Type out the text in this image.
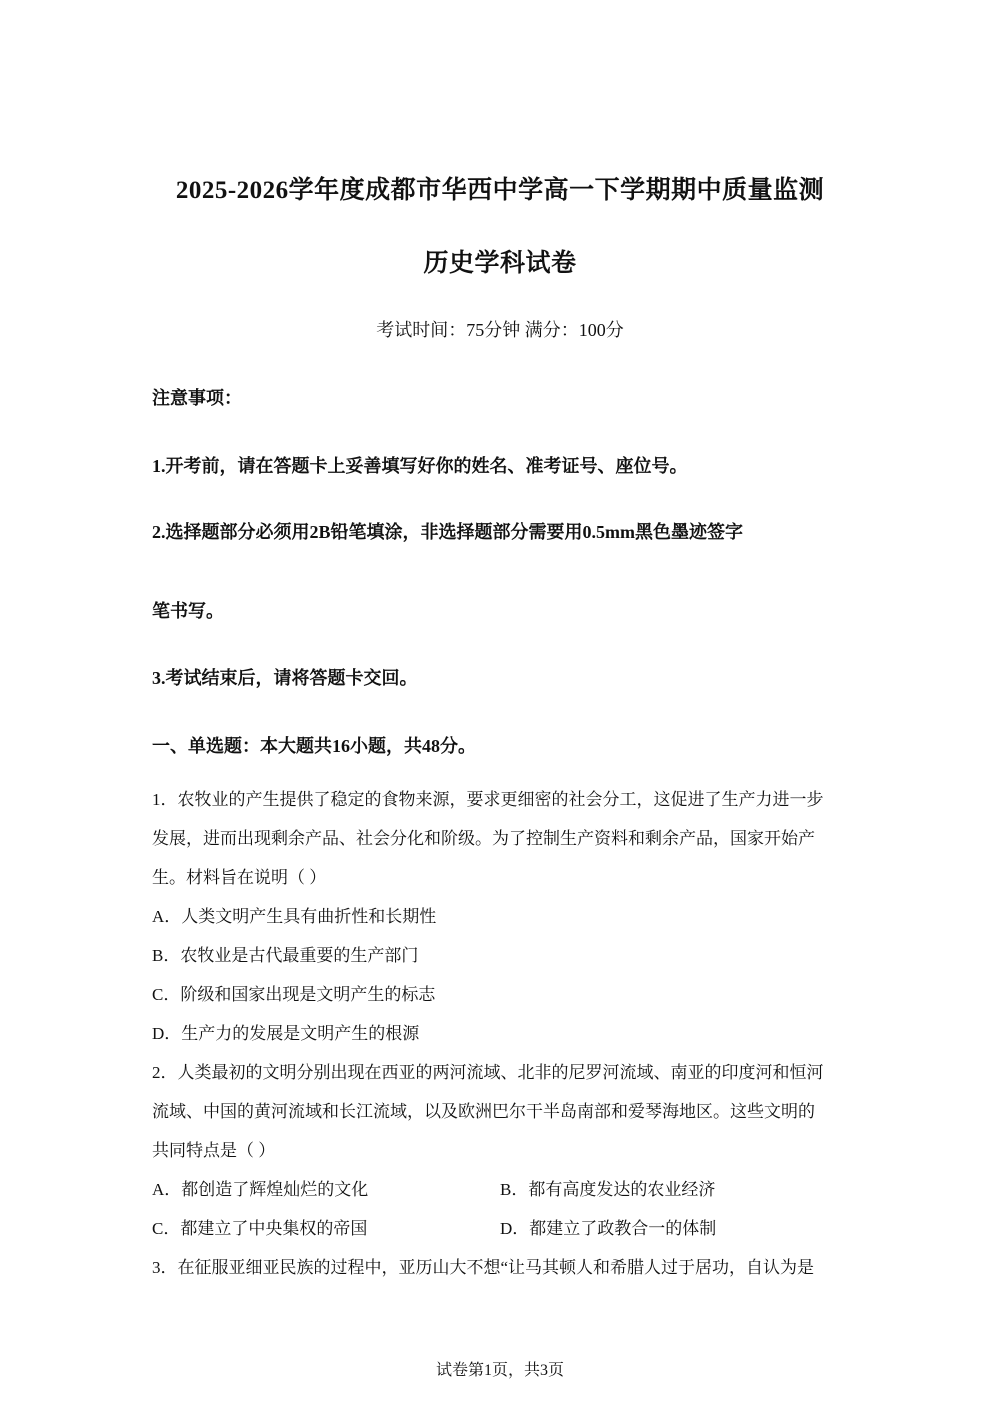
2025-2026学年度成都市华西中学高一下学期期中质量监测
历史学科试卷
考试时间：75分钟 满分：100分
注意事项：
1.开考前，请在答题卡上妥善填写好你的姓名、准考证号、座位号。
2.选择题部分必须用2B铅笔填涂，非选择题部分需要用0.5mm黑色墨迹签字
笔书写。
3.考试结束后，请将答题卡交回。
一、单选题：本大题共16小题，共48分。
1．农牧业的产生提供了稳定的食物来源，要求更细密的社会分工，这促进了生产力进一步
发展，进而出现剩余产品、社会分化和阶级。为了控制生产资料和剩余产品，国家开始产
生。材料旨在说明（ ）
A．人类文明产生具有曲折性和长期性
B．农牧业是古代最重要的生产部门
C．阶级和国家出现是文明产生的标志
D．生产力的发展是文明产生的根源
2．人类最初的文明分别出现在西亚的两河流域、北非的尼罗河流域、南亚的印度河和恒河
流域、中国的黄河流域和长江流域，以及欧洲巴尔干半岛南部和爱琴海地区。这些文明的
共同特点是（ ）
A．都创造了辉煌灿烂的文化	B．都有高度发达的农业经济
C．都建立了中央集权的帝国	D．都建立了政教合一的体制
3．在征服亚细亚民族的过程中，亚历山大不想“让马其顿人和希腊人过于居功，自认为是
试卷第1页，共3页
